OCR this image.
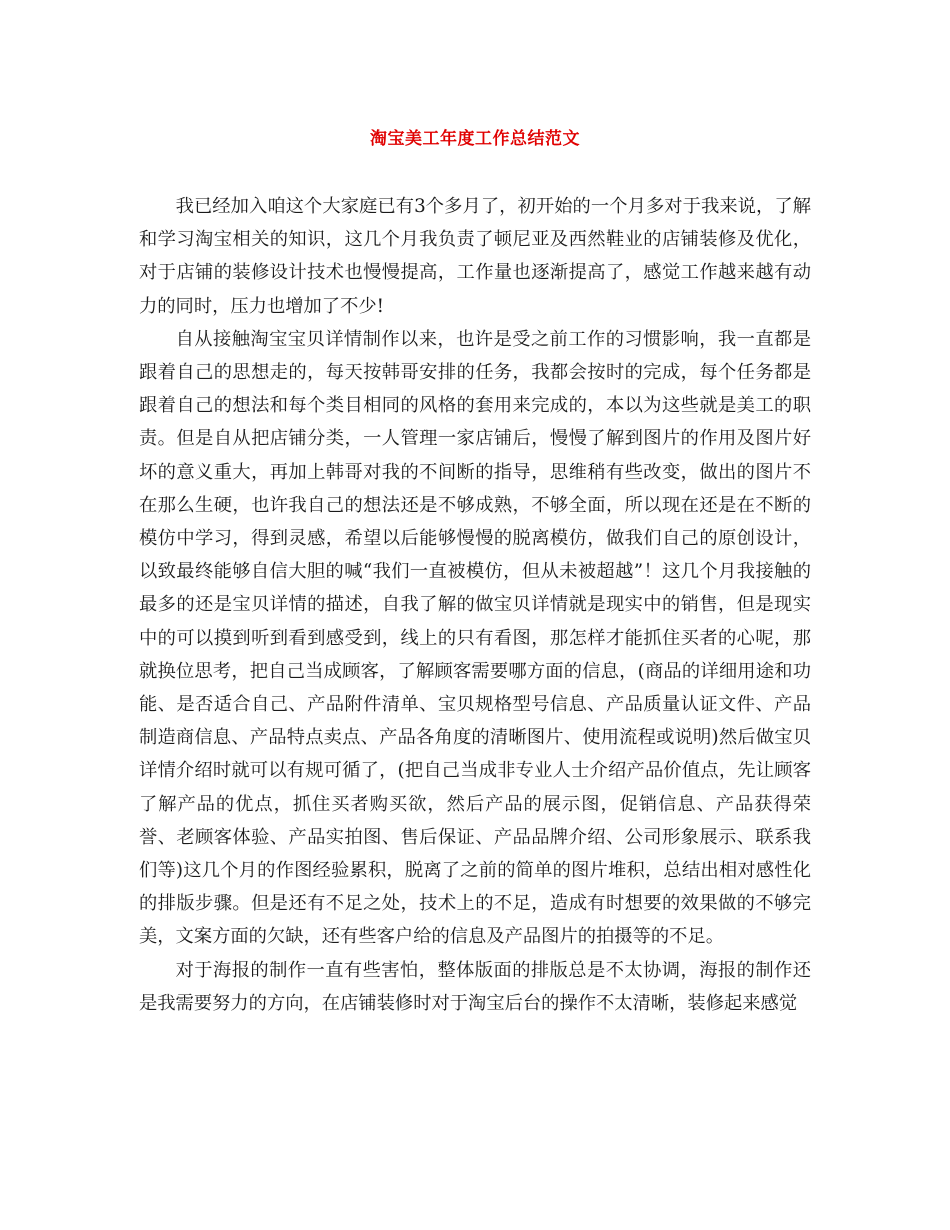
淘宝美工年度工作总结范文

我已经加入咱这个大家庭已有3个多月了，初开始的一个月多对于我来说，了解和学习淘宝相关的知识，这几个月我负责了顿尼亚及西然鞋业的店铺装修及优化，对于店铺的装修设计技术也慢慢提高，工作量也逐渐提高了，感觉工作越来越有动力的同时，压力也增加了不少!

自从接触淘宝宝贝详情制作以来，也许是受之前工作的习惯影响，我一直都是跟着自己的思想走的，每天按韩哥安排的任务，我都会按时的完成，每个任务都是跟着自己的想法和每个类目相同的风格的套用来完成的，本以为这些就是美工的职责。但是自从把店铺分类，一人管理一家店铺后，慢慢了解到图片的作用及图片好坏的意义重大，再加上韩哥对我的不间断的指导，思维稍有些改变，做出的图片不在那么生硬，也许我自己的想法还是不够成熟，不够全面，所以现在还是在不断的模仿中学习，得到灵感，希望以后能够慢慢的脱离模仿，做我们自己的原创设计，以致最终能够自信大胆的喊“我们一直被模仿，但从未被超越”！这几个月我接触的最多的还是宝贝详情的描述，自我了解的做宝贝详情就是现实中的销售，但是现实中的可以摸到听到看到感受到，线上的只有看图，那怎样才能抓住买者的心呢，那就换位思考，把自己当成顾客，了解顾客需要哪方面的信息，(商品的详细用途和功能、是否适合自己、产品附件清单、宝贝规格型号信息、产品质量认证文件、产品制造商信息、产品特点卖点、产品各角度的清晰图片、使用流程或说明)然后做宝贝详情介绍时就可以有规可循了，(把自己当成非专业人士介绍产品价值点，先让顾客了解产品的优点，抓住买者购买欲，然后产品的展示图，促销信息、产品获得荣誉、老顾客体验、产品实拍图、售后保证、产品品牌介绍、公司形象展示、联系我们等)这几个月的作图经验累积，脱离了之前的简单的图片堆积，总结出相对感性化的排版步骤。但是还有不足之处，技术上的不足，造成有时想要的效果做的不够完美，文案方面的欠缺，还有些客户给的信息及产品图片的拍摄等的不足。

对于海报的制作一直有些害怕，整体版面的排版总是不太协调，海报的制作还是我需要努力的方向，在店铺装修时对于淘宝后台的操作不太清晰，装修起来感觉
